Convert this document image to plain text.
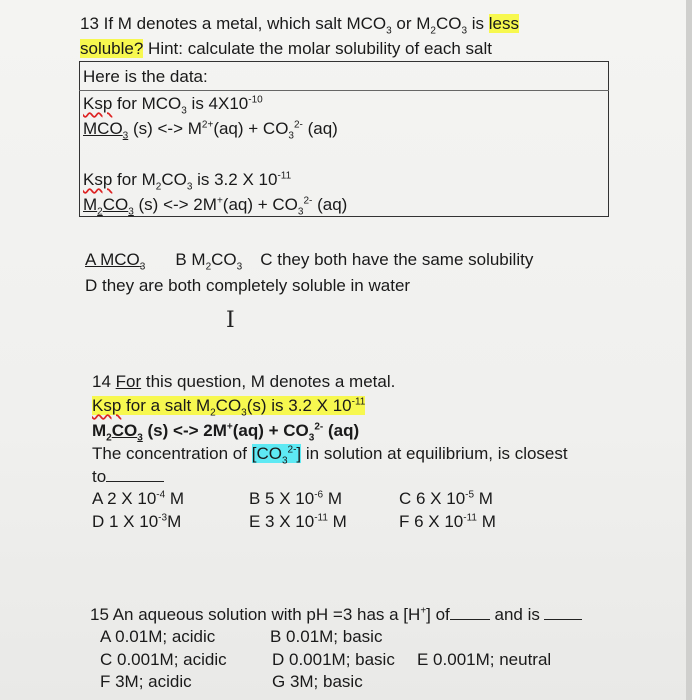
13 If M denotes a metal, which salt $MCO_3$ or $M_2CO_3$ is less
soluble? Hint: calculate the molar solubility of each salt
Here is the data:
Ksp for $MCO_3$ is $4X10^{-10}$
$MCO_3$ (s) <-> $M^{2+}(aq) + CO_3^{2-}$ (aq)
Ksp for $M_2CO_3$ is 3.2 X $10^{-11}$
$M_2CO_3$ (s) <-> $2M^+(aq) + CO_3^{2-}$ (aq)
A $MCO_3$ B $M_2CO_3$ C they both have the same solubility
D they are both completely soluble in water
I
14 For this question, M denotes a metal.
Ksp for a salt $M_2CO_3(s)$ is 3.2 X $10^{-11}$
$M_2CO_3$ (s) <-> $2M^+(aq) + CO_3^{2-}$ (aq)
The concentration of $[CO_3^{2-}]$ in solution at equilibrium, is closest
to
A 2 X $10^{-4}$ M	B 5 X $10^{-6}$ M	C 6 X $10^{-5}$ M
D 1 X $10^{-3}M$	E 3 X $10^{-11}$ M	F 6 X $10^{-11}$ M
15 An aqueous solution with pH =3 has a [H+] of and is
A 0.01M; acidic	B 0.01M; basic
C 0.001M; acidic	D 0.001M; basic E 0.001M; neutral
F 3M; acidic	G 3M; basic
